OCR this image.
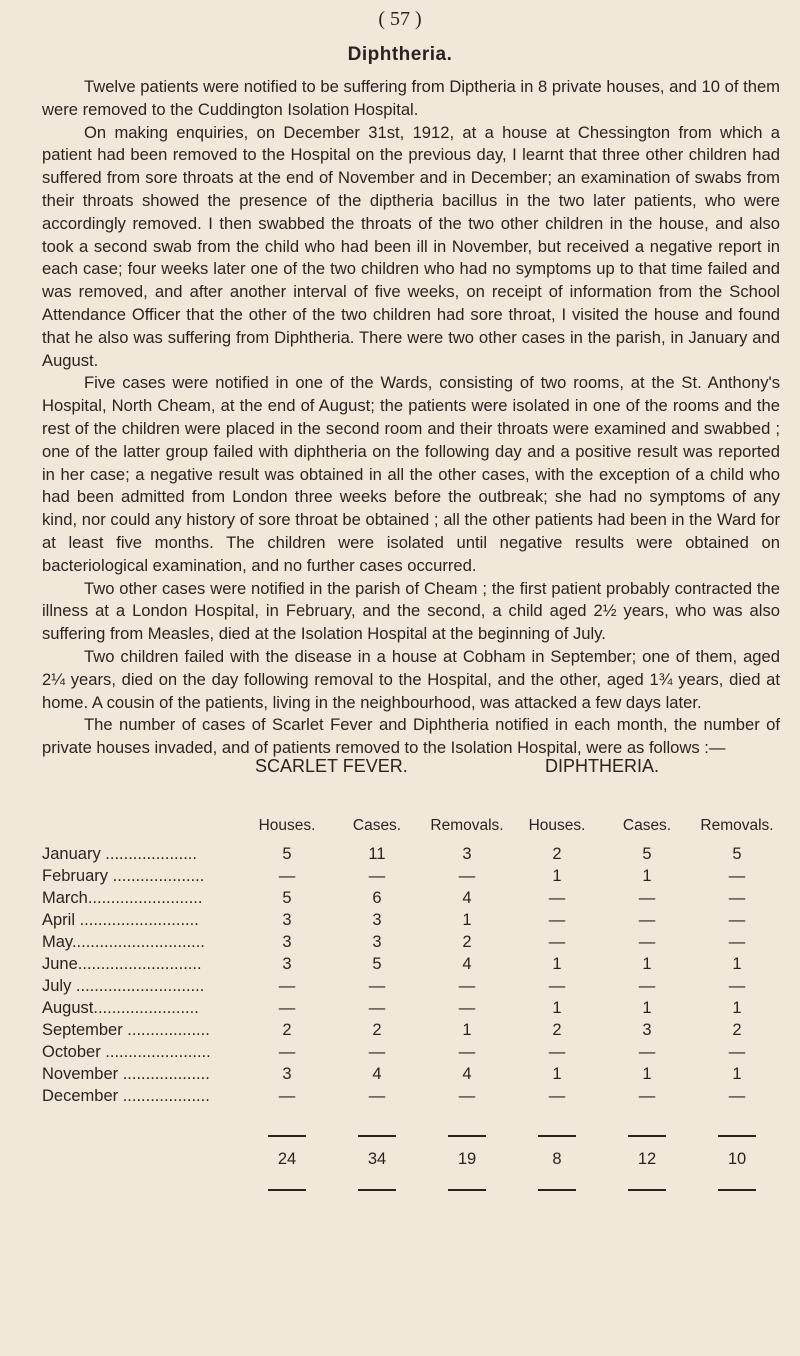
( 57 )
Diphtheria.

Twelve patients were notified to be suffering from Diptheria in 8 private houses, and 10 of them were removed to the Cuddington Isolation Hospital.

On making enquiries, on December 31st, 1912, at a house at Chessington from which a patient had been removed to the Hospital on the previous day, I learnt that three other children had suffered from sore throats at the end of November and in December; an examination of swabs from their throats showed the presence of the diptheria bacillus in the two later patients, who were accordingly removed. I then swabbed the throats of the two other children in the house, and also took a second swab from the child who had been ill in November, but received a negative report in each case; four weeks later one of the two children who had no symptoms up to that time failed and was removed, and after another interval of five weeks, on receipt of information from the School Attendance Officer that the other of the two children had sore throat, I visited the house and found that he also was suffering from Diphtheria. There were two other cases in the parish, in January and August.

Five cases were notified in one of the Wards, consisting of two rooms, at the St. Anthony's Hospital, North Cheam, at the end of August; the patients were isolated in one of the rooms and the rest of the children were placed in the second room and their throats were examined and swabbed ; one of the latter group failed with diphtheria on the following day and a positive result was reported in her case; a negative result was obtained in all the other cases, with the exception of a child who had been admitted from London three weeks before the outbreak; she had no symptoms of any kind, nor could any history of sore throat be obtained ; all the other patients had been in the Ward for at least five months. The children were isolated until negative results were obtained on bacteriological examination, and no further cases occurred.

Two other cases were notified in the parish of Cheam ; the first patient probably contracted the illness at a London Hospital, in February, and the second, a child aged 2½ years, who was also suffering from Measles, died at the Isolation Hospital at the beginning of July.

Two children failed with the disease in a house at Cobham in September; one of them, aged 2¼ years, died on the day following removal to the Hospital, and the other, aged 1¾ years, died at home. A cousin of the patients, living in the neighbourhood, was attacked a few days later.

The number of cases of Scarlet Fever and Diphtheria notified in each month, the number of private houses invaded, and of patients removed to the Isolation Hospital, were as follows :—

SCARLET FEVER.	DIPHTHERIA.
	Houses.	Cases.	Removals.	Houses.	Cases.	Removals.
January ....................	5	11	3	2	5	5
February ....................	—	—	—	1	1	—
March.........................	5	6	4	—	—	—
April ..........................	3	3	1	—	—	—
May.............................	3	3	2	—	—	—
June...........................	3	5	4	1	1	1
July ............................	—	—	—	—	—	—
August.......................	—	—	—	1	1	1
September ..................	2	2	1	2	3	2
October .......................	—	—	—	—	—	—
November ...................	3	4	4	1	1	1
December ...................	—	—	—	—	—	—

	24	34	19	8	12	10
